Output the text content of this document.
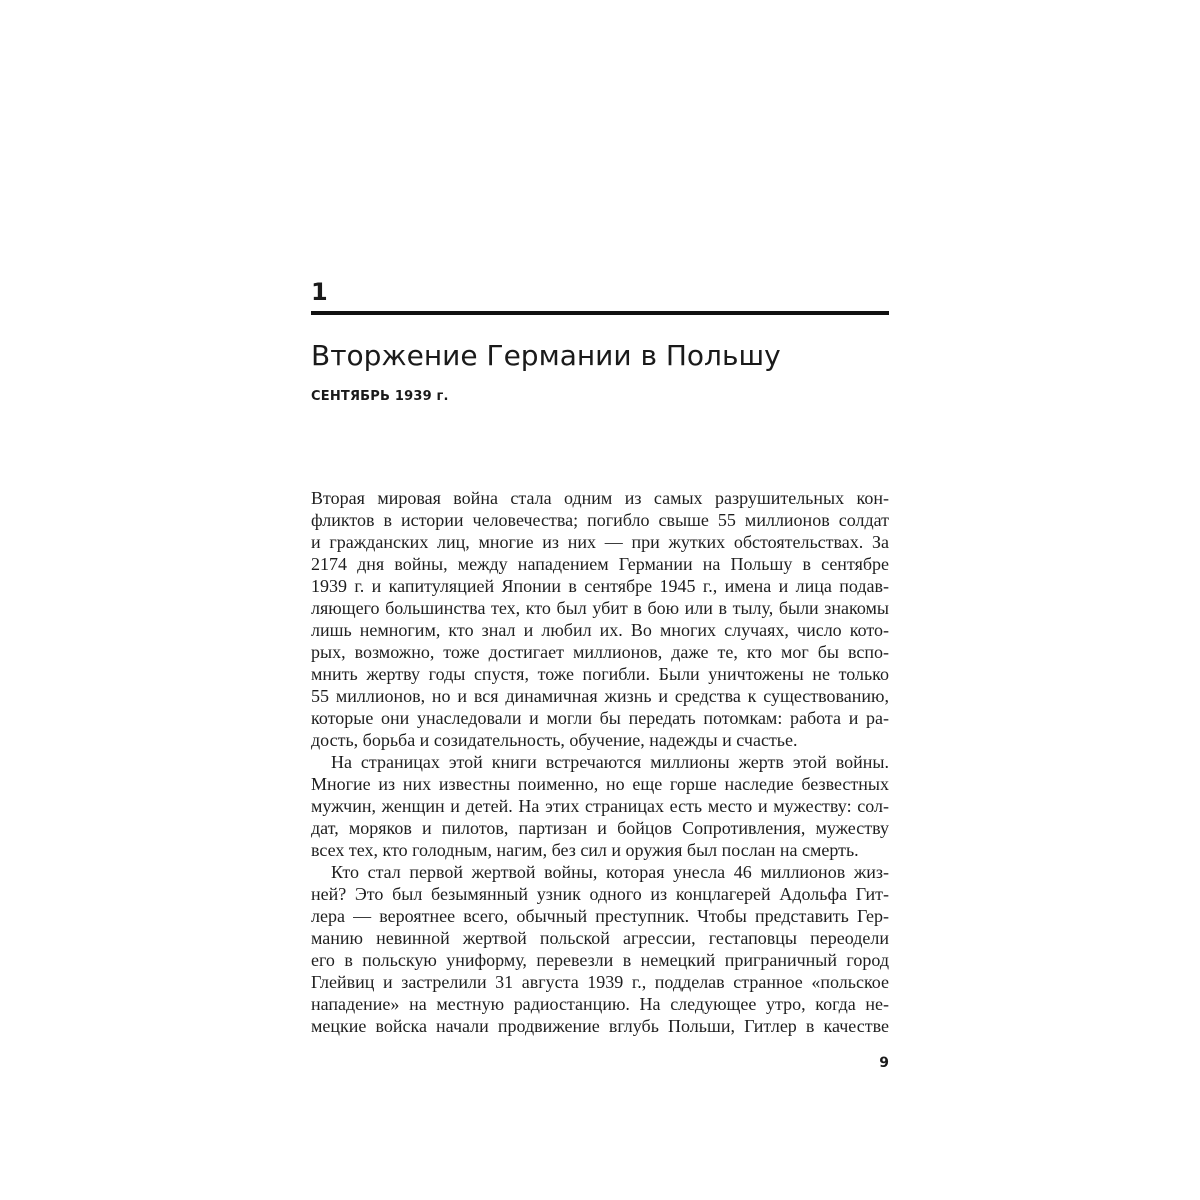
1
Вторжение Германии в Польшу
СЕНТЯБРЬ 1939 г.
Вторая мировая война стала одним из самых разрушительных кон-
фликтов в истории человечества; погибло свыше 55 миллионов солдат
и гражданских лиц, многие из них — при жутких обстоятельствах. За
2174 дня войны, между нападением Германии на Польшу в сентябре
1939 г. и капитуляцией Японии в сентябре 1945 г., имена и лица подав-
ляющего большинства тех, кто был убит в бою или в тылу, были знакомы
лишь немногим, кто знал и любил их. Во многих случаях, число кото-
рых, возможно, тоже достигает миллионов, даже те, кто мог бы вспо-
мнить жертву годы спустя, тоже погибли. Были уничтожены не только
55 миллионов, но и вся динамичная жизнь и средства к существованию,
которые они унаследовали и могли бы передать потомкам: работа и ра-
дость, борьба и созидательность, обучение, надежды и счастье.
На страницах этой книги встречаются миллионы жертв этой войны.
Многие из них известны поименно, но еще горше наследие безвестных
мужчин, женщин и детей. На этих страницах есть место и мужеству: сол-
дат, моряков и пилотов, партизан и бойцов Сопротивления, мужеству
всех тех, кто голодным, нагим, без сил и оружия был послан на смерть.
Кто стал первой жертвой войны, которая унесла 46 миллионов жиз-
ней? Это был безымянный узник одного из концлагерей Адольфа Гит-
лера — вероятнее всего, обычный преступник. Чтобы представить Гер-
манию невинной жертвой польской агрессии, гестаповцы переодели
его в польскую униформу, перевезли в немецкий приграничный город
Глейвиц и застрелили 31 августа 1939 г., подделав странное «польское
нападение» на местную радиостанцию. На следующее утро, когда не-
мецкие войска начали продвижение вглубь Польши, Гитлер в качестве
9
